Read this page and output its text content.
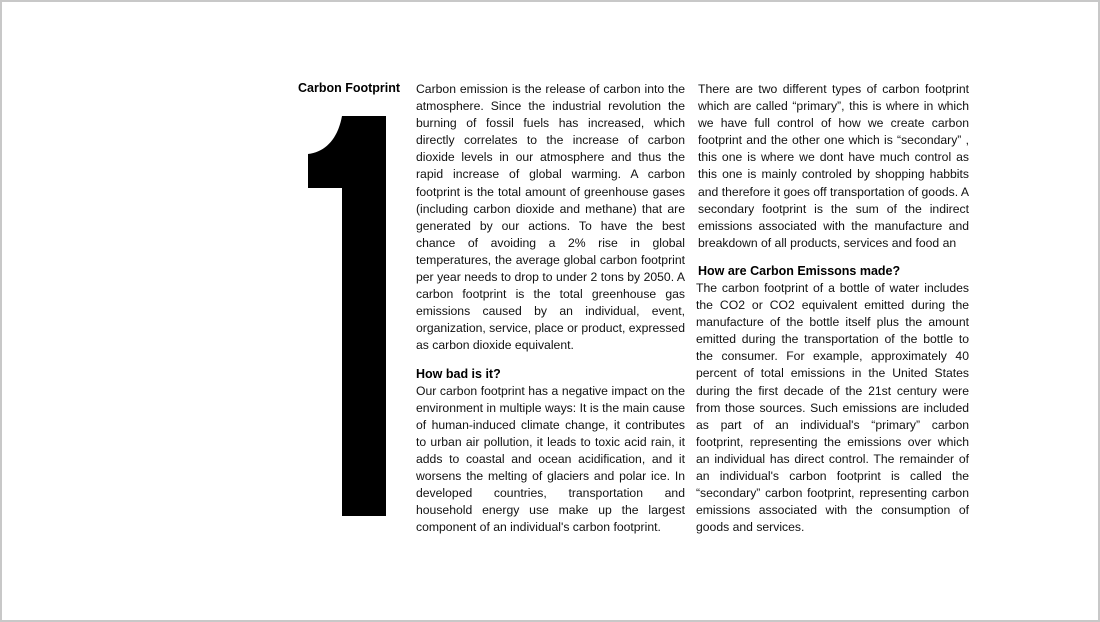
Carbon Footprint Carbon emission is the release of carbon into the atmosphere. Since the industrial revolution the burning of fossil fuels has increased, which directly correlates to the increase of carbon dioxide levels in our atmosphere and thus the rapid increase of global warming. A carbon footprint is the total amount of greenhouse gases (including carbon dioxide and methane) that are generated by our actions. To have the best chance of avoiding a 2% rise in global temperatures, the average global carbon footprint per year needs to drop to under 2 tons by 2050. A carbon footprint is the total greenhouse gas emissions caused by an individual, event, organization, service, place or product, expressed as carbon dioxide equivalent.

How bad is it?

Our carbon footprint has a negative impact on the environment in multiple ways: It is the main cause of human-induced climate change, it contributes to urban air pollution, it leads to toxic acid rain, it adds to coastal and ocean acidification, and it worsens the melting of glaciers and polar ice. In developed countries, transportation and household energy use make up the largest component of an individual's carbon footprint.

There are two different types of carbon footprint which are called “primary”, this is where in which we have full control of how we create carbon footprint and the other one which is “secondary” , this one is where we dont have much control as this one is mainly controled by shopping habbits and therefore it goes off transportation of goods. A secondary footprint is the sum of the indirect emissions associated with the manufacture and breakdown of all products, services and food an

How are Carbon Emissons made?

The carbon footprint of a bottle of water includes the CO2 or CO2 equivalent emitted during the manufacture of the bottle itself plus the amount emitted during the transportation of the bottle to the consumer. For example, approximately 40 percent of total emissions in the United States during the first decade of the 21st century were from those sources. Such emissions are included as part of an individual's “primary” carbon footprint, representing the emissions over which an individual has direct control. The remainder of an individual's carbon footprint is called the “secondary” carbon footprint, representing carbon emissions associated with the consumption of goods and services.
